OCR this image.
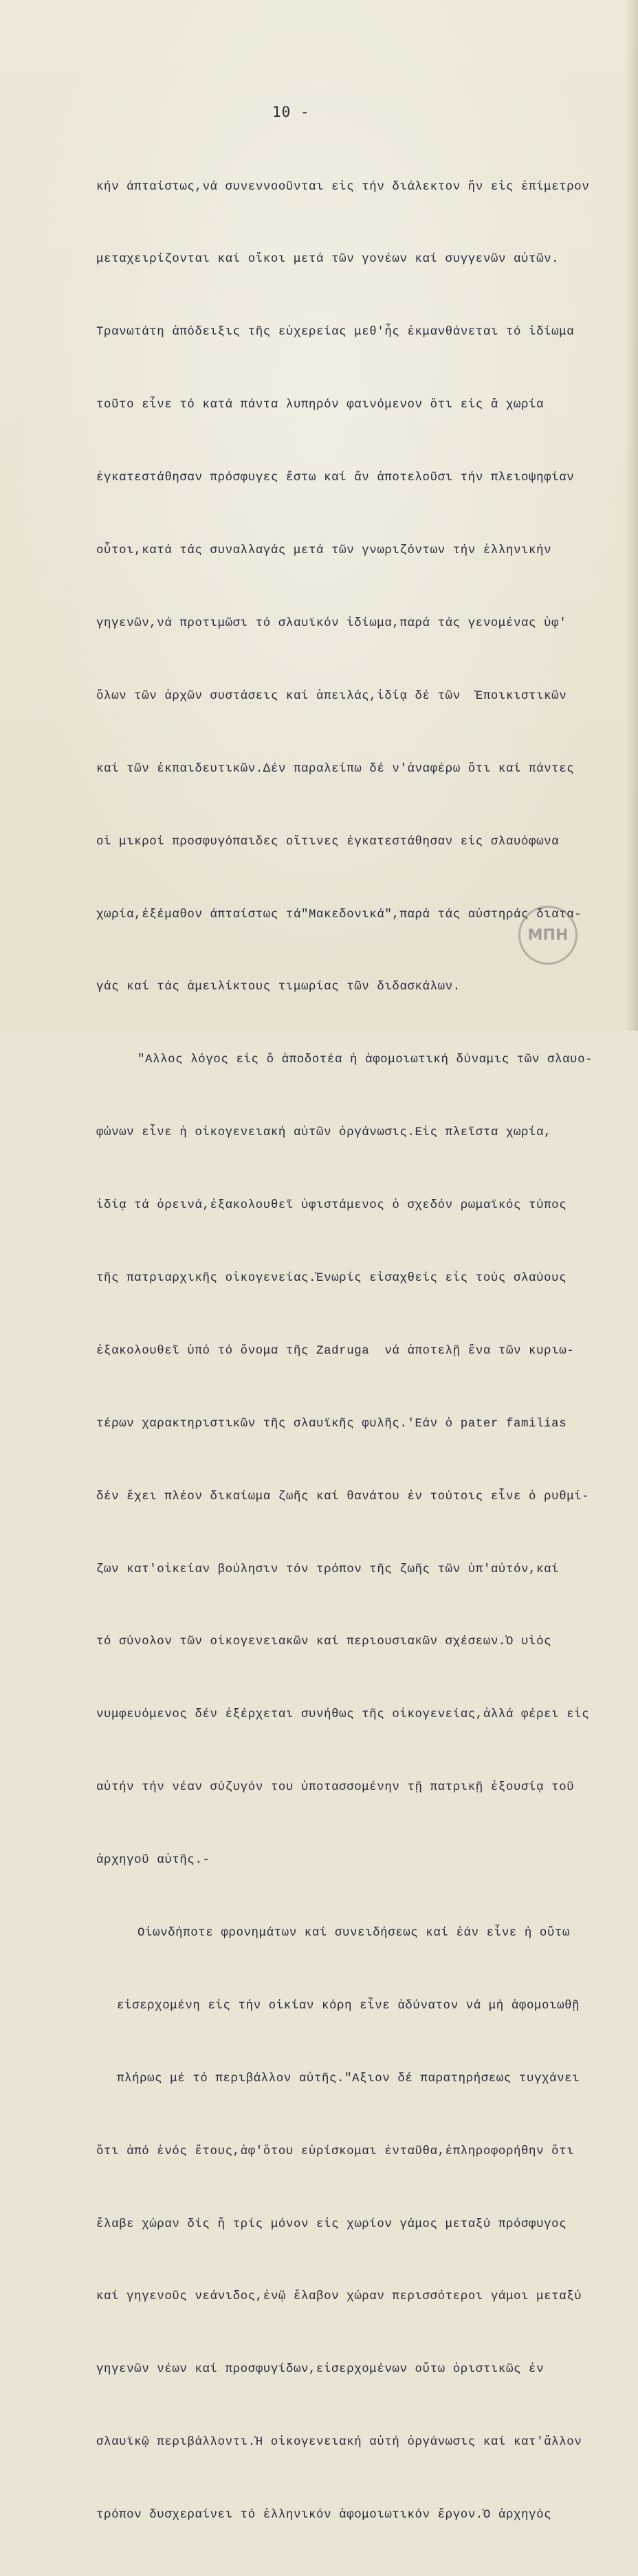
10 -

κήν άπταίστως,νά συνεννοοῦνται εἰς τήν διάλεκτον ἥν εἰς ἐπίμετρον

μεταχειρίζονται καί οἴκοι μετά τῶν γονέων καί συγγενῶν αὐτῶν.

Τρανωτάτη ἀπόδειξις τῆς εὐχερείας μεθ'ἧς ἐκμανθάνεται τό ἰδίωμα

τοῦτο εἶνε τό κατά πάντα λυπηρόν φαινόμενον ὅτι εἰς ἅ χωρία

ἐγκατεστάθησαν πρόσφυγες ἔστω καί ἄν ἀποτελοῦσι τήν πλειοψηφίαν

οὗτοι,κατά τάς συναλλαγάς μετά τῶν γνωριζόντων τήν ἑλληνικήν

γηγενῶν,νά προτιμῶσι τό σλαυϊκόν ἰδίωμα,παρά τάς γενομένας ὑφ'

ὅλων τῶν ἀρχῶν συστάσεις καί ἀπειλάς,ἰδίᾳ δέ τῶν  Ἐποικιστικῶν

καί τῶν ἐκπαιδευτικῶν.Δέν παραλείπω δέ ν'ἀναφέρω ὅτι καί πάντες

οἱ μικροί προσφυγόπαιδες οἵτινες ἐγκατεστάθησαν εἰς σλαυόφωνα

χωρία,ἐξέμαθον άπταίστως τά"Μακεδονικά",παρά τάς αὐστηράς διατα-

γάς καί τάς ἀμειλίκτους τιμωρίας τῶν διδασκάλων.

"Αλλος λόγος εἰς ὅ ἀποδοτέα ἡ ἀφομοιωτική δύναμις τῶν σλαυο-

φώνων εἶνε ἡ οἰκογενειακή αὐτῶν ὀργάνωσις.Εἰς πλεῖστα χωρία,

ἰδίᾳ τά ὀρεινά,ἐξακολουθεῖ ὑφιστάμενος ὁ σχεδόν ρωμαϊκός τύπος

τῆς πατριαρχικῆς οἰκογενείας.Ἐνωρίς εἰσαχθείς εἰς τούς σλαύους

ἐξακολουθεῖ ὑπό τό ὄνομα τῆς Zadruga  νά ἀποτελῇ ἕνα τῶν κυριω-

τέρων χαρακτηριστικῶν τῆς σλαυϊκῆς φυλῆς.'Εάν ὁ pater familias

δέν ἔχει πλέον δικαίωμα ζωῆς καί θανάτου ἐν τούτοις εἶνε ὁ ρυθμί-

ζων κατ'οἰκείαν βούλησιν τόν τρόπον τῆς ζωῆς τῶν ὑπ'αὐτόν,καί

τό σύνολον τῶν οἰκογενειακῶν καί περιουσιακῶν σχέσεων.Ὁ υἱός

νυμφευόμενος δέν ἐξέρχεται συνήθως τῆς οἰκογενείας,ἀλλά φέρει εἰς

αὐτήν τήν νέαν σύζυγόν του ὑποτασσομένην τῇ πατρικῇ ἐξουσίᾳ τοῦ

ἀρχηγοῦ αὐτῆς.-

Οἱωνδήποτε φρονημάτων καί συνειδήσεως καί ἐάν εἶνε ἡ οὕτω

εἰσερχομένη εἰς τήν οἰκίαν κόρη εἶνε ἀδύνατον νά μή ἀφομοιωθῇ

πλήρως μέ τό περιβάλλον αὐτῆς."Αξιον δέ παρατηρήσεως τυγχάνει

ὅτι ἀπό ἑνός ἔτους,ἀφ'ὅτου εὑρίσκομαι ἐνταῦθα,ἐπληροφορήθην ὅτι

ἔλαβε χώραν δίς ἤ τρίς μόνον εἰς χωρίον γάμος μεταξύ πρόσφυγος

καί γηγενοῦς νεάνιδος,ἐνῷ ἔλαβον χώραν περισσότεροι γάμοι μεταξύ

γηγενῶν νέων καί προσφυγίδων,εἰσερχομένων οὕτω ὁριστικῶς ἐν

σλαυϊκῷ περιβάλλοντι.Ἡ οἰκογενειακή αὐτή ὀργάνωσις καί κατ'ἄλλον

τρόπον δυσχεραίνει τό ἑλληνικόν ἀφομοιωτικόν ἔργον.Ὁ ἀρχηγός

ΜΠΗ
